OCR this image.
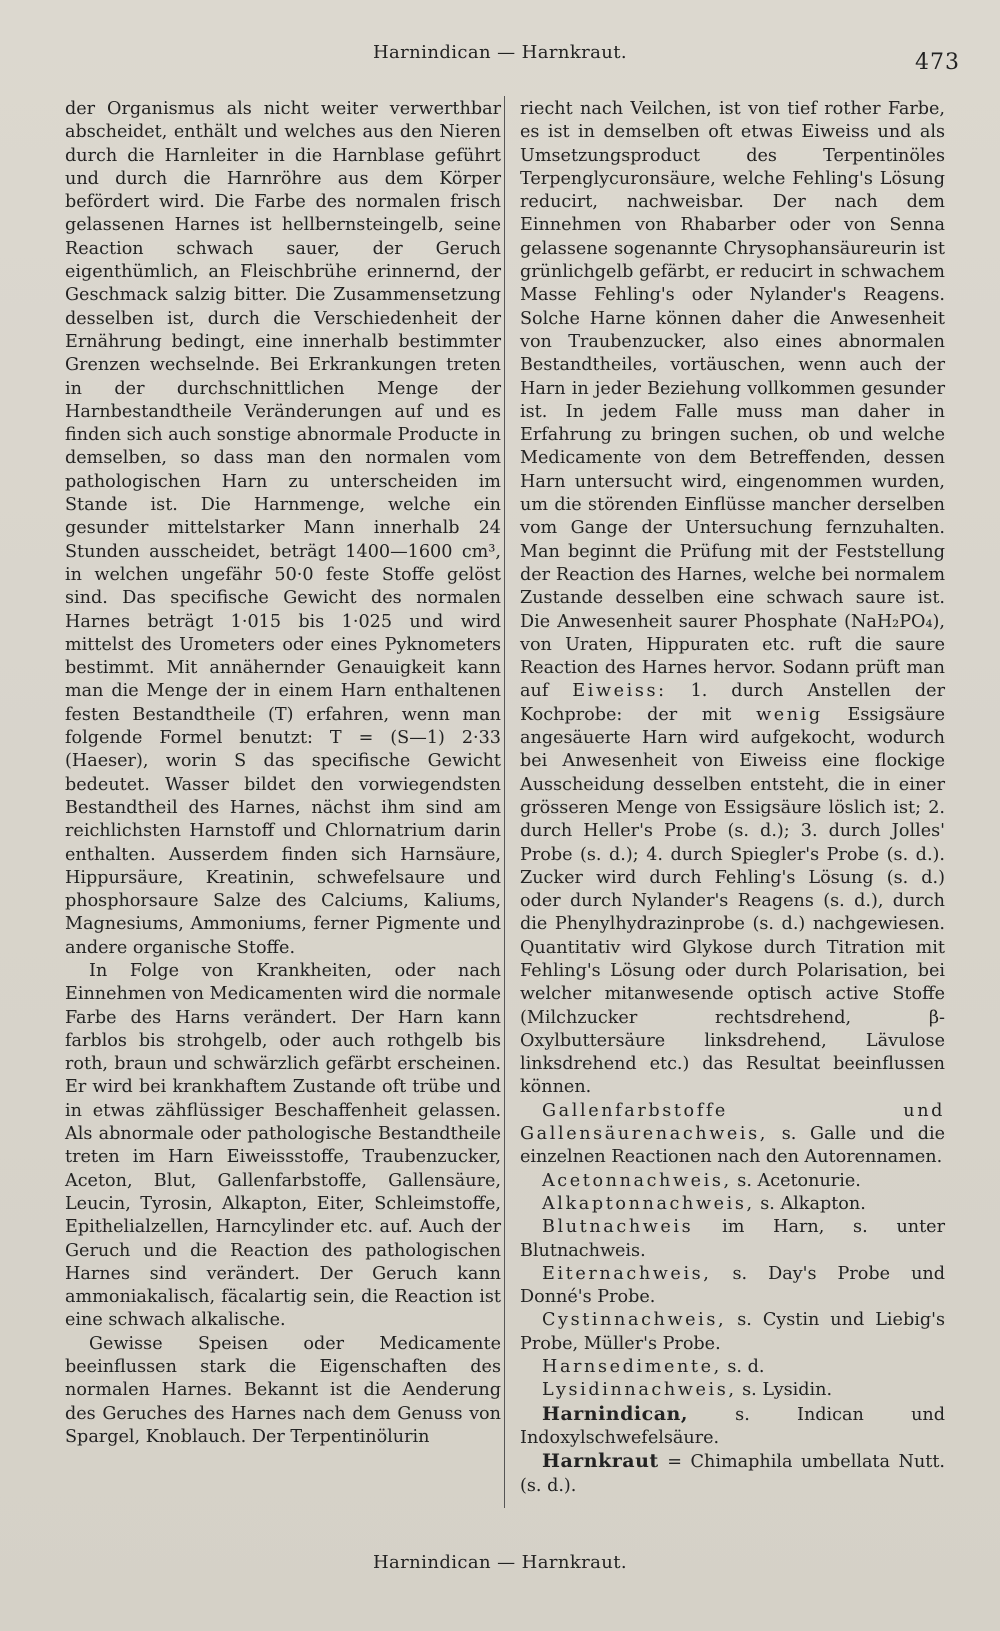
Harnindican — Harnkraut.	473

der Organismus als nicht weiter verwerthbar abscheidet, enthält und welches aus den Nieren durch die Harnleiter in die Harnblase geführt und durch die Harnröhre aus dem Körper befördert wird. Die Farbe des normalen frisch gelassenen Harnes ist hellbernsteingelb, seine Reaction schwach sauer, der Geruch eigenthümlich, an Fleischbrühe erinnernd, der Geschmack salzig bitter. Die Zusammensetzung desselben ist, durch die Verschiedenheit der Ernährung bedingt, eine innerhalb bestimmter Grenzen wechselnde. Bei Erkrankungen treten in der durchschnittlichen Menge der Harnbestandtheile Veränderungen auf und es finden sich auch sonstige abnormale Producte in demselben, so dass man den normalen vom pathologischen Harn zu unterscheiden im Stande ist. Die Harnmenge, welche ein gesunder mittelstarker Mann innerhalb 24 Stunden ausscheidet, beträgt 1400—1600 cm³, in welchen ungefähr 50·0 feste Stoffe gelöst sind. Das specifische Gewicht des normalen Harnes beträgt 1·015 bis 1·025 und wird mittelst des Urometers oder eines Pyknometers bestimmt. Mit annähernder Genauigkeit kann man die Menge der in einem Harn enthaltenen festen Bestandtheile (T) erfahren, wenn man folgende Formel benutzt: T = (S—1) 2·33 (Haeser), worin S das specifische Gewicht bedeutet. Wasser bildet den vorwiegendsten Bestandtheil des Harnes, nächst ihm sind am reichlichsten Harnstoff und Chlornatrium darin enthalten. Ausserdem finden sich Harnsäure, Hippursäure, Kreatinin, schwefelsaure und phosphorsaure Salze des Calciums, Kaliums, Magnesiums, Ammoniums, ferner Pigmente und andere organische Stoffe.

In Folge von Krankheiten, oder nach Einnehmen von Medicamenten wird die normale Farbe des Harns verändert. Der Harn kann farblos bis strohgelb, oder auch rothgelb bis roth, braun und schwärzlich gefärbt erscheinen. Er wird bei krankhaftem Zustande oft trübe und in etwas zähflüssiger Beschaffenheit gelassen. Als abnormale oder pathologische Bestandtheile treten im Harn Eiweissstoffe, Traubenzucker, Aceton, Blut, Gallenfarbstoffe, Gallensäure, Leucin, Tyrosin, Alkapton, Eiter, Schleimstoffe, Epithelialzellen, Harncylinder etc. auf. Auch der Geruch und die Reaction des pathologischen Harnes sind verändert. Der Geruch kann ammoniakalisch, fäcalartig sein, die Reaction ist eine schwach alkalische.

Gewisse Speisen oder Medicamente beeinflussen stark die Eigenschaften des normalen Harnes. Bekannt ist die Aenderung des Geruches des Harnes nach dem Genuss von Spargel, Knoblauch. Der Terpentinölurin

riecht nach Veilchen, ist von tief rother Farbe, es ist in demselben oft etwas Eiweiss und als Umsetzungsproduct des Terpentinöles Terpenglycuronsäure, welche Fehling's Lösung reducirt, nachweisbar. Der nach dem Einnehmen von Rhabarber oder von Senna gelassene sogenannte Chrysophansäureurin ist grünlichgelb gefärbt, er reducirt in schwachem Masse Fehling's oder Nylander's Reagens. Solche Harne können daher die Anwesenheit von Traubenzucker, also eines abnormalen Bestandtheiles, vortäuschen, wenn auch der Harn in jeder Beziehung vollkommen gesunder ist. In jedem Falle muss man daher in Erfahrung zu bringen suchen, ob und welche Medicamente von dem Betreffenden, dessen Harn untersucht wird, eingenommen wurden, um die störenden Einflüsse mancher derselben vom Gange der Untersuchung fernzuhalten. Man beginnt die Prüfung mit der Feststellung der Reaction des Harnes, welche bei normalem Zustande desselben eine schwach saure ist. Die Anwesenheit saurer Phosphate (NaH₂PO₄), von Uraten, Hippuraten etc. ruft die saure Reaction des Harnes hervor. Sodann prüft man auf Eiweiss: 1. durch Anstellen der Kochprobe: der mit wenig Essigsäure angesäuerte Harn wird aufgekocht, wodurch bei Anwesenheit von Eiweiss eine flockige Ausscheidung desselben entsteht, die in einer grösseren Menge von Essigsäure löslich ist; 2. durch Heller's Probe (s. d.); 3. durch Jolles' Probe (s. d.); 4. durch Spiegler's Probe (s. d.). Zucker wird durch Fehling's Lösung (s. d.) oder durch Nylander's Reagens (s. d.), durch die Phenylhydrazinprobe (s. d.) nachgewiesen. Quantitativ wird Glykose durch Titration mit Fehling's Lösung oder durch Polarisation, bei welcher mitanwesende optisch active Stoffe (Milchzucker rechtsdrehend, β-Oxylbuttersäure linksdrehend, Lävulose linksdrehend etc.) das Resultat beeinflussen können.

Gallenfarbstoffe und Gallensäurenachweis, s. Galle und die einzelnen Reactionen nach den Autorennamen.

Acetonnachweis, s. Acetonurie.

Alkaptonnachweis, s. Alkapton.

Blutnachweis im Harn, s. unter Blutnachweis.

Eiternachweis, s. Day's Probe und Donné's Probe.

Cystinnachweis, s. Cystin und Liebig's Probe, Müller's Probe.

Harnsedimente, s. d.

Lysidinnachweis, s. Lysidin.

Harnindican,	s. Indican und Indoxylschwefelsäure.

Harnkraut = Chimaphila umbellata Nutt. (s. d.).

Harnindican — Harnkraut.
